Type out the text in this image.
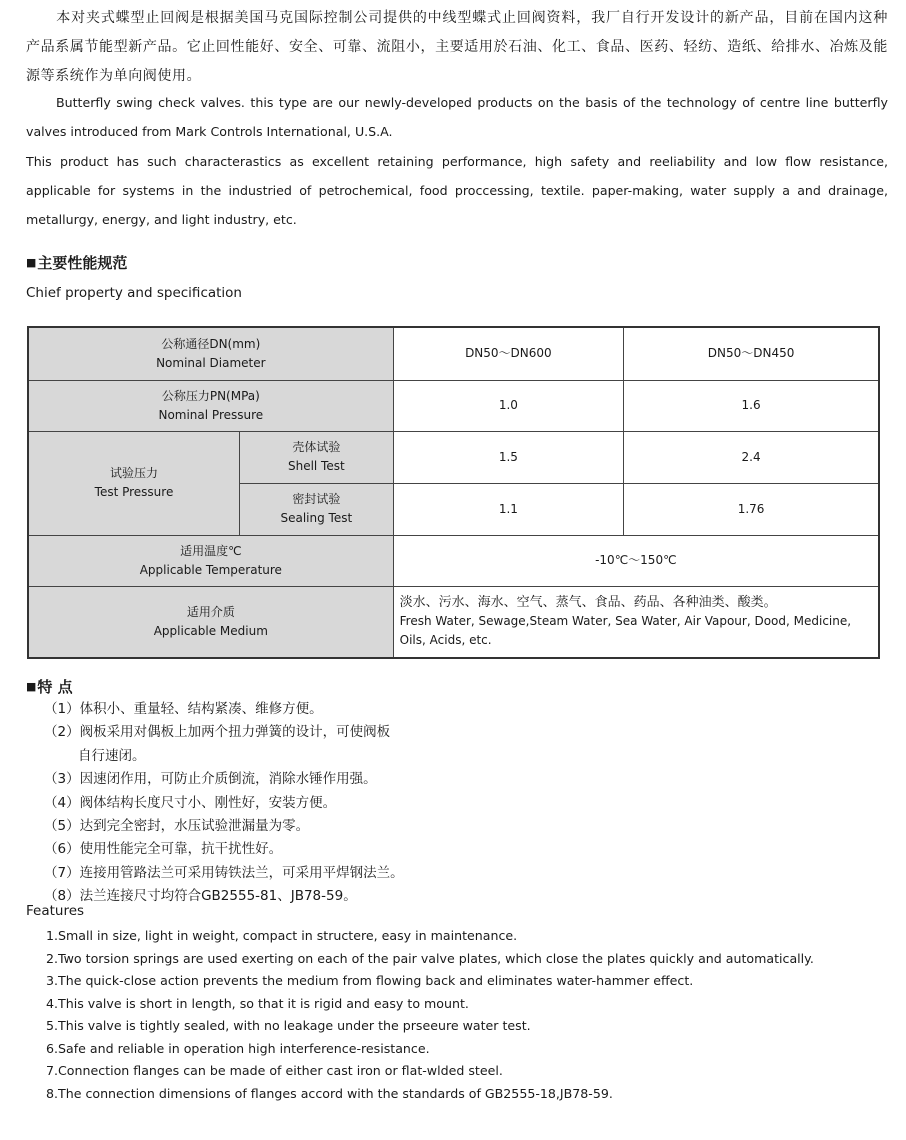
本对夹式蝶型止回阀是根据美国马克国际控制公司提供的中线型蝶式止回阀资料，我厂自行开发设计的新产品，目前在国内这种产品系属节能型新产品。它止回性能好、安全、可靠、流阻小，主要适用於石油、化工、食品、医药、轻纺、造纸、给排水、冶炼及能源等系统作为单向阀使用。

Butterfly swing check valves. this type are our newly-developed products on the basis of the technology of centre line butterfly valves introduced from Mark Controls International, U.S.A.
This product has such characterastics as excellent retaining performance, high safety and reeliability and low flow resistance, applicable for systems in the industried of petrochemical, food proccessing, textile. paper-making, water supply a and drainage, metallurgy, energy, and light industry, etc.

■主要性能规范

Chief property and specification

公称通径DN(mm)
Nominal Diameter		DN50～DN600	DN50～DN450
公称压力PN(MPa)
Nominal Pressure		1.0	1.6
试验压力
Test Pressure	壳体试验
Shell Test	1.5	2.4
	密封试验
Sealing Test	1.1	1.76
适用温度℃
Applicable Temperature		-10℃～150℃	
适用介质
Applicable Medium		淡水、污水、海水、空气、蒸气、食品、药品、各种油类、酸类。
Fresh Water, Sewage,Steam Water, Sea Water, Air Vapour, Dood, Medicine, Oils, Acids, etc.	

■特 点

（1）体积小、重量轻、结构紧凑、维修方便。
（2）阀板采用对偶板上加两个扭力弹簧的设计，可使阀板
自行速闭。
（3）因速闭作用，可防止介质倒流，消除水锤作用强。
（4）阀体结构长度尺寸小、刚性好，安装方便。
（5）达到完全密封，水压试验泄漏量为零。
（6）使用性能完全可靠，抗干扰性好。
（7）连接用管路法兰可采用铸铁法兰，可采用平焊钢法兰。
（8）法兰连接尺寸均符合GB2555-81、JB78-59。

Features

1.Small in size, light in weight, compact in structere, easy in maintenance.
2.Two torsion springs are used exerting on each of the pair valve plates, which close the plates quickly and automatically.
3.The quick-close action prevents the medium from flowing back and eliminates water-hammer effect.
4.This valve is short in length, so that it is rigid and easy to mount.
5.This valve is tightly sealed, with no leakage under the prseeure water test.
6.Safe and reliable in operation high interference-resistance.
7.Connection flanges can be made of either cast iron or flat-wlded steel.
8.The connection dimensions of flanges accord with the standards of GB2555-18,JB78-59.
